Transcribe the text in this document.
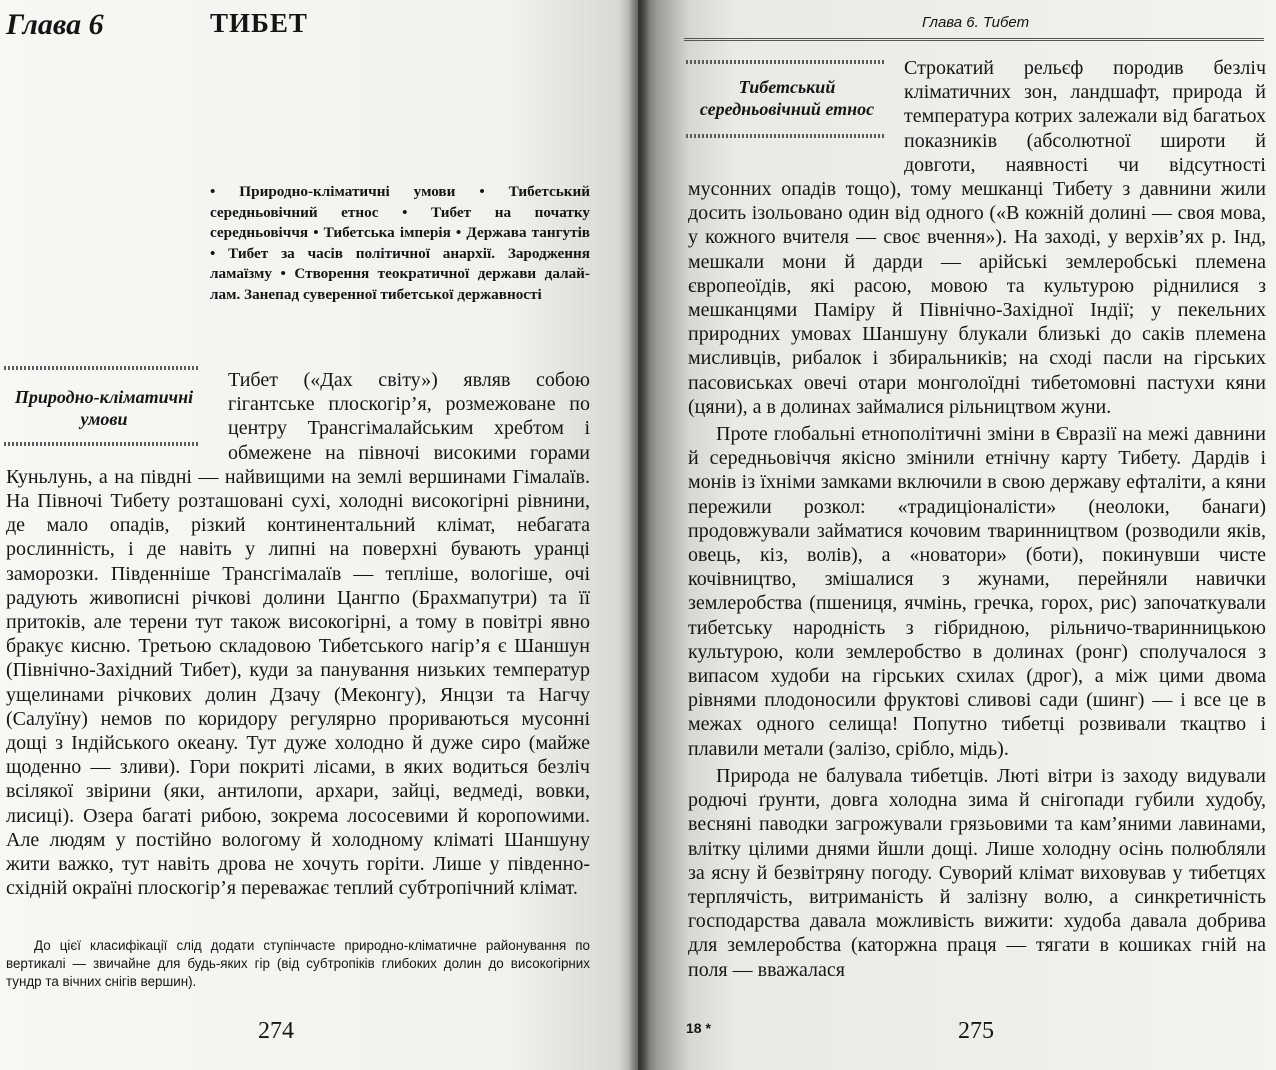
Глава 6	ТИБЕТ
• Природно-кліматичні умови • Тибетський середньовічний етнос • Тибет на початку середньовіччя • Тибетська імперія • Держава тангутів • Тибет за часів політичної анархії. Зародження ламаїзму • Створення теократичної держави далай-лам. Занепад суверенної тибетської державності
Природно-кліматичні умови

Тибет («Дах світу») являв собою гігантське плоскогір’я, розмежоване по центру Трансгімалайським хребтом і обмежене на півночі високими горами Куньлунь, а на півдні — найвищими на землі вершинами Гімалаїв. На Півночі Тибету розташовані сухі, холодні високогірні рівнини, де мало опадів, різкий континентальний клімат, небагата рослинність, і де навіть у липні на поверхні бувають уранці заморозки. Південніше Трансгімалаїв — тепліше, вологіше, очі радують живописні річкові долини Цангпо (Брахмапутри) та її притоків, але терени тут також високогірні, а тому в повітрі явно бракує кисню. Третьою складовою Тибетського нагір’я є Шаншун (Північно-Західний Тибет), куди за панування низьких температур ущелинами річкових долин Дзачу (Меконгу), Янцзи та Нагчу (Салуїну) немов по коридору регулярно прориваються мусонні дощі з Індійського океану. Тут дуже холодно й дуже сиро (майже щоденно — зливи). Гори покриті лісами, в яких водиться безліч всілякої звірини (яки, антилопи, архари, зайці, ведмеді, вовки, лисиці). Озера багаті рибою, зокрема лососевими й коропowими. Але людям у постійно вологому й холодному кліматі Шаншуну жити важко, тут навіть дрова не хочуть горіти. Лише у південно-східній окраїні плоскогір’я переважає теплий субтропічний клімат.

До цієї класифікації слід додати ступінчасте природно-кліматичне районування по вертикалі — звичайне для будь-яких гір (від субтропіків глибоких долин до високогірних тундр та вічних снігів вершин).

274
Глава 6. Тибет
Тибетський середньовічний етнос

Строкатий рельєф породив безліч кліматичних зон, ландшафт, природа й температура котрих залежали від багатьох показників (абсолютної широти й довготи, наявності чи відсутності мусонних опадів тощо), тому мешканці Тибету з давнини жили досить ізольовано один від одного («В кожній долині — своя мова, у кожного вчителя — своє вчення»). На заході, у верхів’ях р. Інд, мешкали мони й дарди — арійські землеробські племена європеоїдів, які расою, мовою та культурою ріднилися з мешканцями Паміру й Північно-Західної Індії; у пекельних природних умовах Шаншуну блукали близькі до саків племена мисливців, рибалок і збиральників; на сході пасли на гірських пасовиськах овечі отари монголоїдні тибетомовні пастухи кяни (цяни), а в долинах займалися рільництвом жуни.

Проте глобальні етнополітичні зміни в Євразії на межі давнини й середньовіччя якісно змінили етнічну карту Тибету. Дардів і монів із їхніми замками включили в свою державу ефталіти, а кяни пережили розкол: «традиціоналісти» (неолоки, банаги) продовжували займатися кочовим тваринництвом (розводили яків, овець, кіз, волів), а «новатори» (боти), покинувши чисте кочівництво, змішалися з жунами, перейняли навички землеробства (пшениця, ячмінь, гречка, горох, рис) започаткували тибетську народність з гібридною, рільничо-тваринницькою культурою, коли землеробство в долинах (ронг) сполучалося з випасом худоби на гірських схилах (дрог), а між цими двома рівнями плодоносили фруктові сливові сади (шинг) — і все це в межах одного селища! Попутно тибетці розвивали ткацтво і плавили метали (залізо, срібло, мідь).

Природа не балувала тибетців. Люті вітри із заходу видували родючі ґрунти, довга холодна зима й снігопади губили худобу, весняні паводки загрожували грязьовими та кам’яними лавинами, влітку цілими днями йшли дощі. Лише холодну осінь полюбляли за ясну й безвітряну погоду. Суворий клімат виховував у тибетцях терплячість, витриманість й залізну волю, а синкретичність господарства давала можливість вижити: худоба давала добрива для землеробства (каторжна праця — тягати в кошиках гній на поля — вважалася

18 *	275
